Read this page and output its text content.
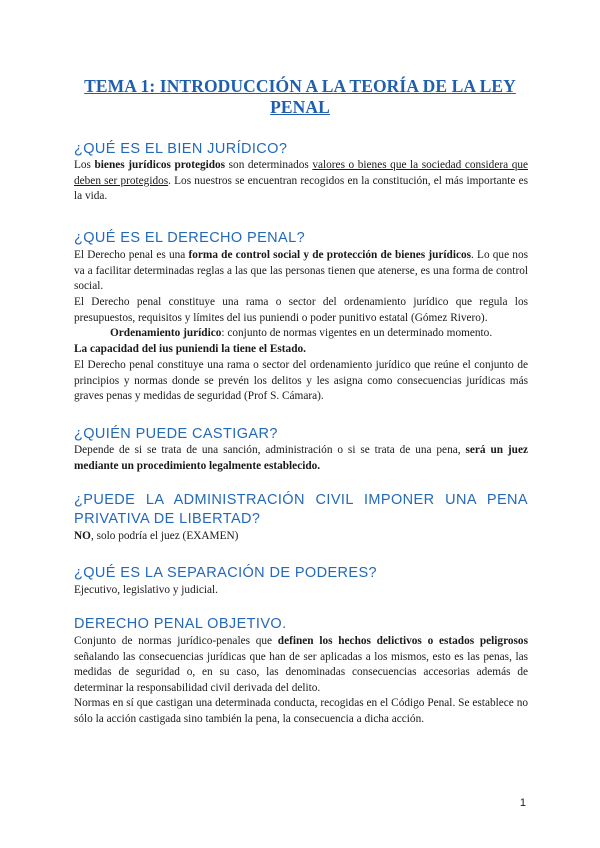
TEMA 1: INTRODUCCIÓN A LA TEORÍA DE LA LEY PENAL
¿QUÉ ES EL BIEN JURÍDICO?
Los bienes jurídicos protegidos son determinados valores o bienes que la sociedad considera que deben ser protegidos. Los nuestros se encuentran recogidos en la constitución, el más importante es la vida.
¿QUÉ ES EL DERECHO PENAL?
El Derecho penal es una forma de control social y de protección de bienes jurídicos. Lo que nos va a facilitar determinadas reglas a las que las personas tienen que atenerse, es una forma de control social.
El Derecho penal constituye una rama o sector del ordenamiento jurídico que regula los presupuestos, requisitos y límites del ius puniendi o poder punitivo estatal (Gómez Rivero).
Ordenamiento jurídico: conjunto de normas vigentes en un determinado momento.
La capacidad del ius puniendi la tiene el Estado.
El Derecho penal constituye una rama o sector del ordenamiento jurídico que reúne el conjunto de principios y normas donde se prevén los delitos y les asigna como consecuencias jurídicas más graves penas y medidas de seguridad (Prof S. Cámara).
¿QUIÉN PUEDE CASTIGAR?
Depende de si se trata de una sanción, administración o si se trata de una pena, será un juez mediante un procedimiento legalmente establecido.
¿PUEDE LA ADMINISTRACIÓN CIVIL IMPONER UNA PENA PRIVATIVA DE LIBERTAD?
NO, solo podría el juez (EXAMEN)
¿QUÉ ES LA SEPARACIÓN DE PODERES?
Ejecutivo, legislativo y judicial.
DERECHO PENAL OBJETIVO.
Conjunto de normas jurídico-penales que definen los hechos delictivos o estados peligrosos señalando las consecuencias jurídicas que han de ser aplicadas a los mismos, esto es las penas, las medidas de seguridad o, en su caso, las denominadas consecuencias accesorias además de determinar la responsabilidad civil derivada del delito.
Normas en sí que castigan una determinada conducta, recogidas en el Código Penal. Se establece no sólo la acción castigada sino también la pena, la consecuencia a dicha acción.
1
